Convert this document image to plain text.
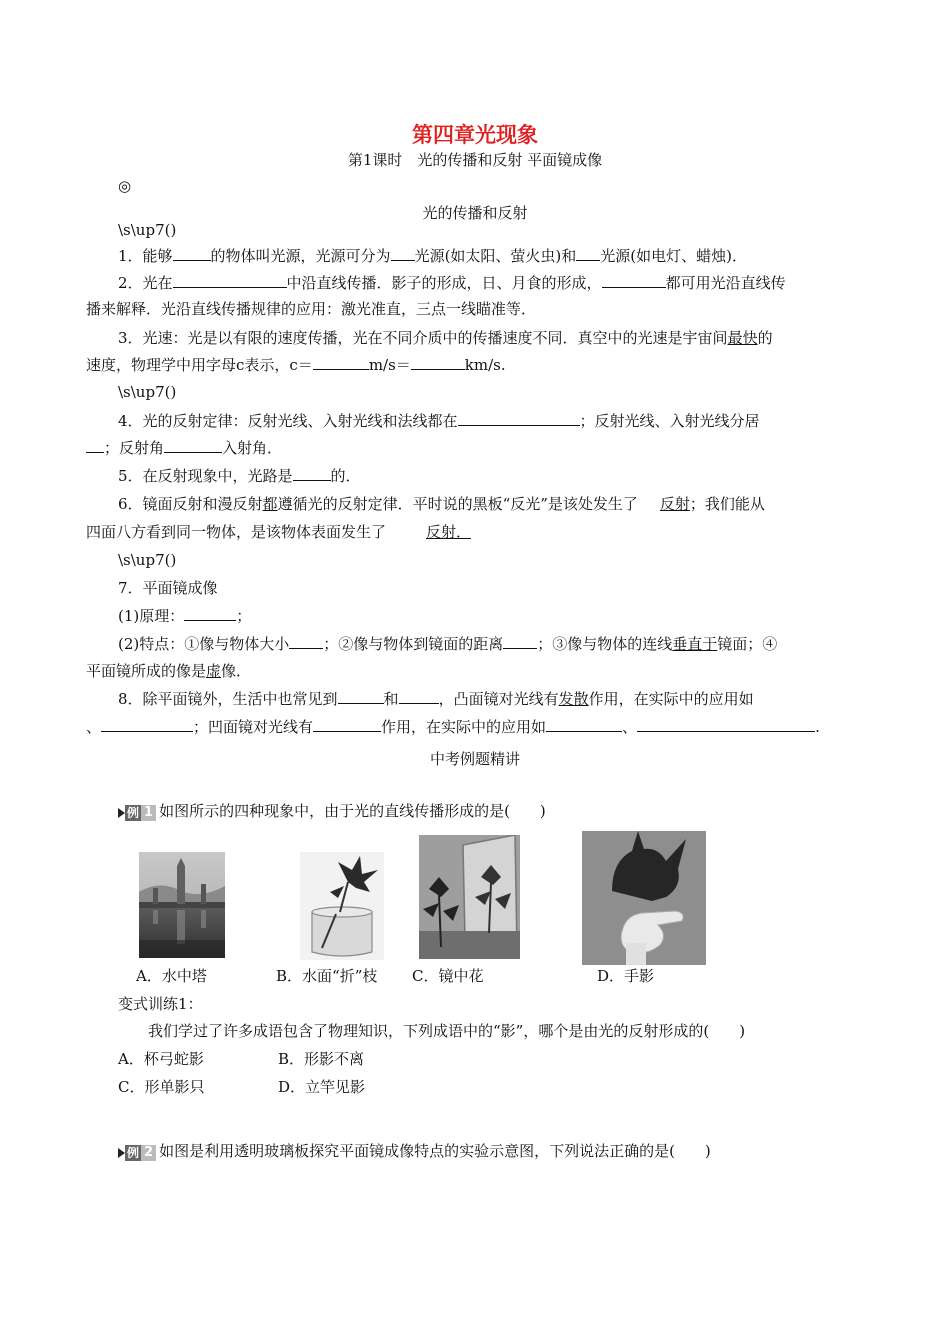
第四章光现象
第1课时　光的传播和反射 平面镜成像
◎
光的传播和反射
\s\up7()
1．能够	的物体叫光源，光源可分为 光源(如太阳、萤火虫)和 光源(如电灯、蜡烛)．
2．光在	中沿直线传播．影子的形成，日、月食的形成，	都可用光沿直线传
播来解释．光沿直线传播规律的应用：激光准直，三点一线瞄准等．
3．光速：光是以有限的速度传播，光在不同介质中的传播速度不同．真空中的光速是宇宙间最快的
速度，物理学中用字母c表示，c＝	m/s＝	km/s.
\s\up7()
4．光的反射定律：反射光线、入射光线和法线都在	；反射光线、入射光线分居
；反射角	入射角．
5．在反射现象中，光路是	的．
6．镜面反射和漫反射都遵循光的反射定律．平时说的黑板“反光”是该处发生了 反射；我们能从
四面八方看到同一物体，是该物体表面发生了	反射．
\s\up7()
7．平面镜成像
(1)原理：	；
(2)特点：①像与物体大小 ；②像与物体到镜面的距离 ；③像与物体的连线垂直于镜面；④
平面镜所成的像是虚像．
8．除平面镜外，生活中也常见到	和	，凸面镜对光线有发散作用，在实际中的应用如
、	；凹面镜对光线有	作用，在实际中的应用如	、	.
中考例题精讲
例 1 如图所示的四种现象中，由于光的直线传播形成的是(　　)
A．水中塔	B．水面“折”枝 C．镜中花	D．手影
变式训练1：
我们学过了许多成语包含了物理知识，下列成语中的“影”，哪个是由光的反射形成的(　　)
A．杯弓蛇影	B．形影不离
C．形单影只	D．立竿见影
例 2 如图是利用透明玻璃板探究平面镜成像特点的实验示意图，下列说法正确的是(　　)
